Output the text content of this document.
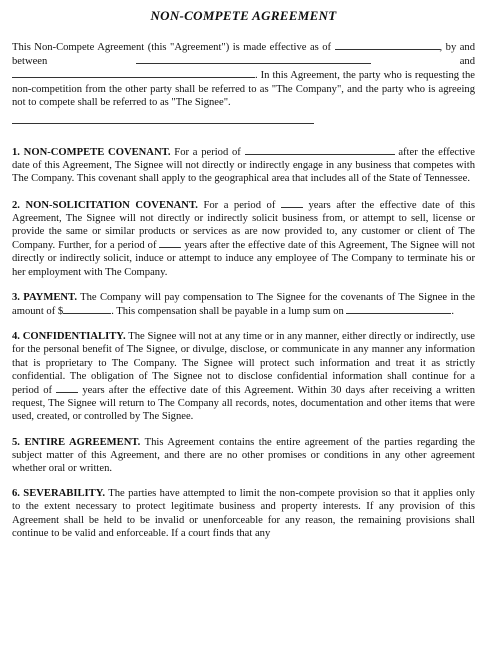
NON-COMPETE AGREEMENT

This Non-Compete Agreement (this "Agreement") is made effective as of	, by and between	and . In this Agreement, the party who is requesting the non-competition from the other party shall be referred to as "The Company", and the party who is agreeing not to compete shall be referred to as "The Signee".

1. NON-COMPETE COVENANT. For a period of	after the effective date of this Agreement, The Signee will not directly or indirectly engage in any business that competes with The Company. This covenant shall apply to the geographical area that includes all of the State of Tennessee.

2. NON-SOLICITATION COVENANT. For a period of	years after the effective date of this Agreement, The Signee will not directly or indirectly solicit business from, or attempt to sell, license or provide the same or similar products or services as are now provided to, any customer or client of The Company. Further, for a period of	years after the effective date of this Agreement, The Signee will not directly or indirectly solicit, induce or attempt to induce any employee of The Company to terminate his or her employment with The Company.

3. PAYMENT. The Company will pay compensation to The Signee for the covenants of The Signee in the amount of $	. This compensation shall be payable in a lump sum on	.

4. CONFIDENTIALITY. The Signee will not at any time or in any manner, either directly or indirectly, use for the personal benefit of The Signee, or divulge, disclose, or communicate in any manner any information that is proprietary to The Company. The Signee will protect such information and treat it as strictly confidential. The obligation of The Signee not to disclose confidential information shall continue for a period of	years after the effective date of this Agreement. Within 30 days after receiving a written request, The Signee will return to The Company all records, notes, documentation and other items that were used, created, or controlled by The Signee.

5. ENTIRE AGREEMENT. This Agreement contains the entire agreement of the parties regarding the subject matter of this Agreement, and there are no other promises or conditions in any other agreement whether oral or written.

6. SEVERABILITY. The parties have attempted to limit the non-compete provision so that it applies only to the extent necessary to protect legitimate business and property interests. If any provision of this Agreement shall be held to be invalid or unenforceable for any reason, the remaining provisions shall continue to be valid and enforceable. If a court finds that any
